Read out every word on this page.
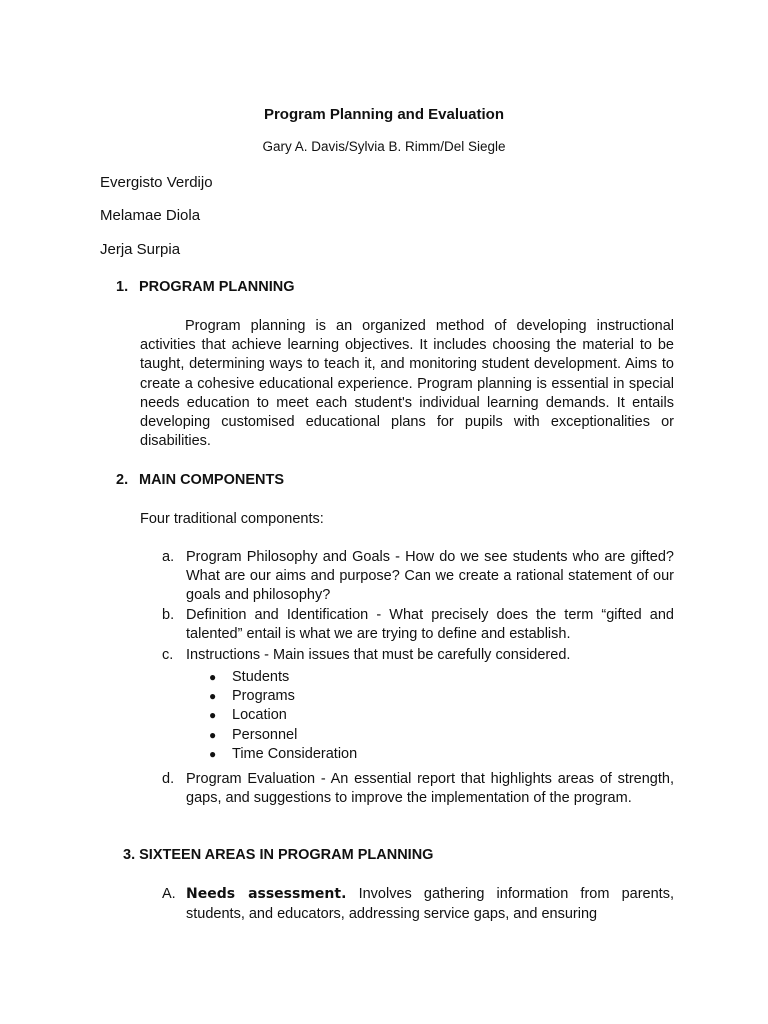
Program Planning and Evaluation
Gary A. Davis/Sylvia B. Rimm/Del Siegle
Evergisto Verdijo
Melamae Diola
Jerja Surpia
1. PROGRAM PLANNING
Program planning is an organized method of developing instructional activities that achieve learning objectives. It includes choosing the material to be taught, determining ways to teach it, and monitoring student development. Aims to create a cohesive educational experience. Program planning is essential in special needs education to meet each student's individual learning demands. It entails developing customised educational plans for pupils with exceptionalities or disabilities.
2. MAIN COMPONENTS
Four traditional components:
a. Program Philosophy and Goals - How do we see students who are gifted? What are our aims and purpose? Can we create a rational statement of our goals and philosophy?
b. Definition and Identification - What precisely does the term “gifted and talented” entail is what we are trying to define and establish.
c. Instructions - Main issues that must be carefully considered.
● Students
● Programs
● Location
● Personnel
● Time Consideration
d. Program Evaluation - An essential report that highlights areas of strength, gaps, and suggestions to improve the implementation of the program.
3. SIXTEEN AREAS IN PROGRAM PLANNING
A. Needs assessment. Involves gathering information from parents, students, and educators, addressing service gaps, and ensuring
